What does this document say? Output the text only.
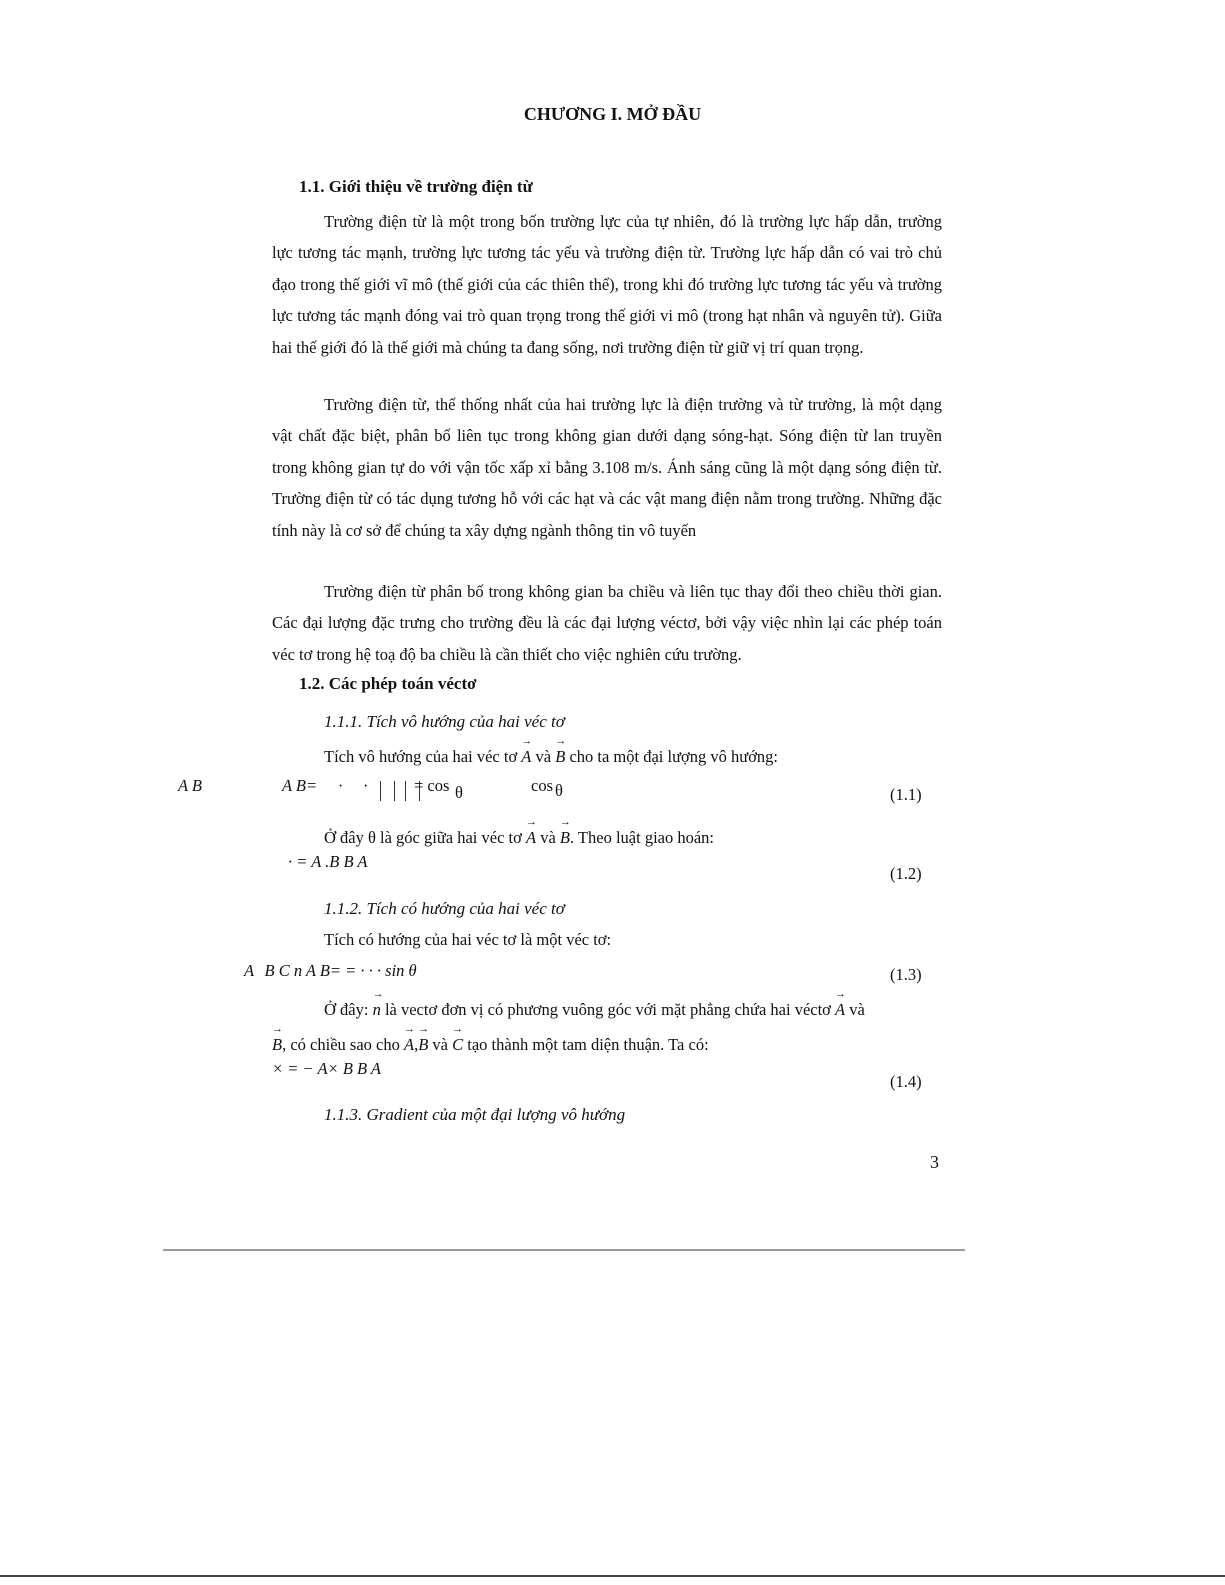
CHƯƠNG I. MỞ ĐẦU
1.1. Giới thiệu về trường điện từ
Trường điện từ là một trong bốn trường lực của tự nhiên, đó là trường lực hấp dẫn, trường lực tương tác mạnh, trường lực tương tác yếu và trường điện từ. Trường lực hấp dẫn có vai trò chủ đạo trong thế giới vĩ mô (thế giới của các thiên thể), trong khi đó trường lực tương tác yếu và trường lực tương tác mạnh đóng vai trò quan trọng trong thế giới vi mô (trong hạt nhân và nguyên tử). Giữa hai thế giới đó là thế giới mà chúng ta đang sống, nơi trường điện từ giữ vị trí quan trọng.
Trường điện từ, thể thống nhất của hai trường lực là điện trường và từ trường, là một dạng vật chất đặc biệt, phân bố liên tục trong không gian dưới dạng sóng-hạt. Sóng điện từ lan truyền trong không gian tự do với vận tốc xấp xỉ bằng 3.108 m/s. Ánh sáng cũng là một dạng sóng điện từ. Trường điện từ có tác dụng tương hỗ với các hạt và các vật mang điện nằm trong trường. Những đặc tính này là cơ sở để chúng ta xây dựng ngành thông tin vô tuyến
Trường điện từ phân bố trong không gian ba chiều và liên tục thay đổi theo chiều thời gian. Các đại lượng đặc trưng cho trường đều là các đại lượng véctơ, bởi vậy việc nhìn lại các phép toán véc tơ trong hệ toạ độ ba chiều là cần thiết cho việc nghiên cứu trường.
1.2. Các phép toán véctơ
1.1.1. Tích vô hướng của hai véc tơ
Tích vô hướng của hai véc tơ → A và → B cho ta một đại lượng vô hướng:
A B	A B= ⃗ · ⃗ ·	= cos θ	cos θ	(1.1)
Ở đây θ là góc giữa hai véc tơ → A và → B. Theo luật giao hoán:
· = A .B B A
(1.2)
1.1.2. Tích có hướng của hai véc tơ
Tích có hướng của hai véc tơ là một véc tơ:
A   B C n A B= = · · · sin θ	(1.3)
Ở đây: → n là vectơ đơn vị có phương vuông góc với mặt phẳng chứa hai véctơ → A và
→ B, có chiều sao cho → A,→ B và → C tạo thành một tam diện thuận. Ta có:
× = − A× B B A
(1.4)
1.1.3. Gradient của một đại lượng vô hướng
3
